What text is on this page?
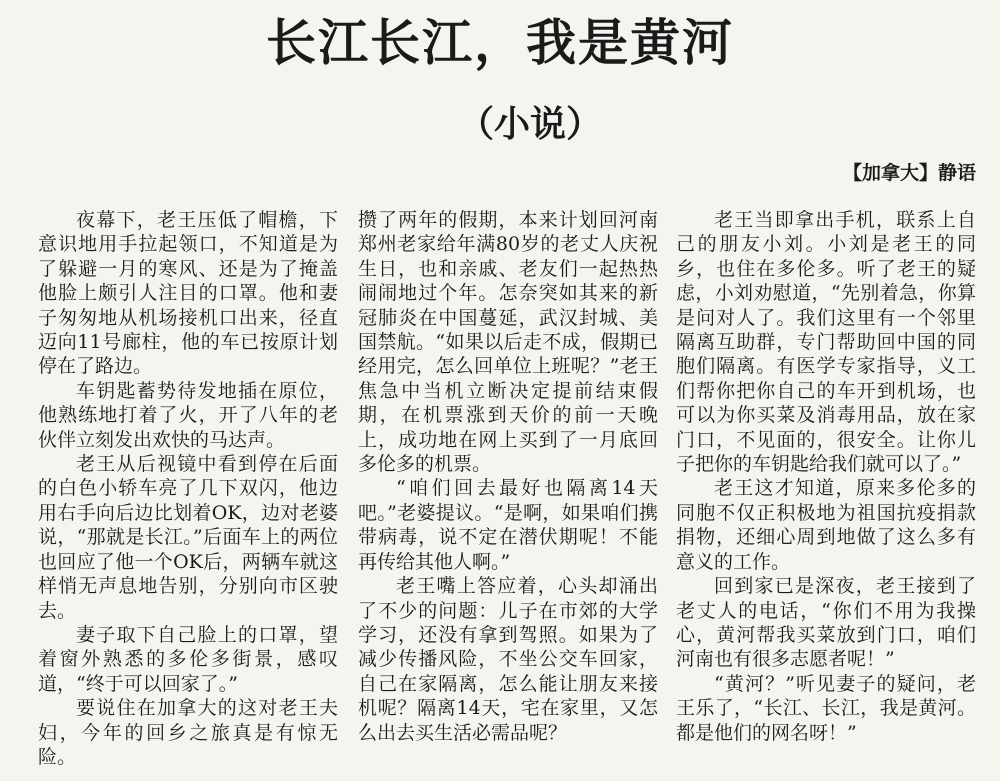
长江长江，我是黄河
（小说）
【加拿大】静语

夜幕下，老王压低了帽檐，下意识地用手拉起领口，不知道是为了躲避一月的寒风、还是为了掩盖他脸上颇引人注目的口罩。他和妻子匆匆地从机场接机口出来，径直迈向11号廊柱，他的车已按原计划停在了路边。

车钥匙蓄势待发地插在原位，他熟练地打着了火，开了八年的老伙伴立刻发出欢快的马达声。

老王从后视镜中看到停在后面的白色小轿车亮了几下双闪，他边用右手向后边比划着OK，边对老婆说，“那就是长江。”后面车上的两位也回应了他一个OK后，两辆车就这样悄无声息地告别，分别向市区驶去。

妻子取下自己脸上的口罩，望着窗外熟悉的多伦多街景，感叹道，“终于可以回家了。”

要说住在加拿大的这对老王夫妇，今年的回乡之旅真是有惊无险。

攒了两年的假期，本来计划回河南郑州老家给年满80岁的老丈人庆祝生日，也和亲戚、老友们一起热热闹闹地过个年。怎奈突如其来的新冠肺炎在中国蔓延，武汉封城、美国禁航。“如果以后走不成，假期已经用完，怎么回单位上班呢？”老王焦急中当机立断决定提前结束假期，在机票涨到天价的前一天晚上，成功地在网上买到了一月底回多伦多的机票。

“咱们回去最好也隔离14天吧。”老婆提议。“是啊，如果咱们携带病毒，说不定在潜伏期呢！不能再传给其他人啊。”

老王嘴上答应着，心头却涌出了不少的问题：儿子在市郊的大学学习，还没有拿到驾照。如果为了减少传播风险，不坐公交车回家，自己在家隔离，怎么能让朋友来接机呢？隔离14天，宅在家里，又怎么出去买生活必需品呢？

老王当即拿出手机，联系上自己的朋友小刘。小刘是老王的同乡，也住在多伦多。听了老王的疑虑，小刘劝慰道，“先别着急，你算是问对人了。我们这里有一个邻里隔离互助群，专门帮助回中国的同胞们隔离。有医学专家指导，义工们帮你把你自己的车开到机场，也可以为你买菜及消毒用品，放在家门口，不见面的，很安全。让你儿子把你的车钥匙给我们就可以了。”

老王这才知道，原来多伦多的同胞不仅正积极地为祖国抗疫捐款捐物，还细心周到地做了这么多有意义的工作。

回到家已是深夜，老王接到了老丈人的电话，“你们不用为我操心，黄河帮我买菜放到门口，咱们河南也有很多志愿者呢！”

“黄河？”听见妻子的疑问，老王乐了，“长江、长江，我是黄河。都是他们的网名呀！”
